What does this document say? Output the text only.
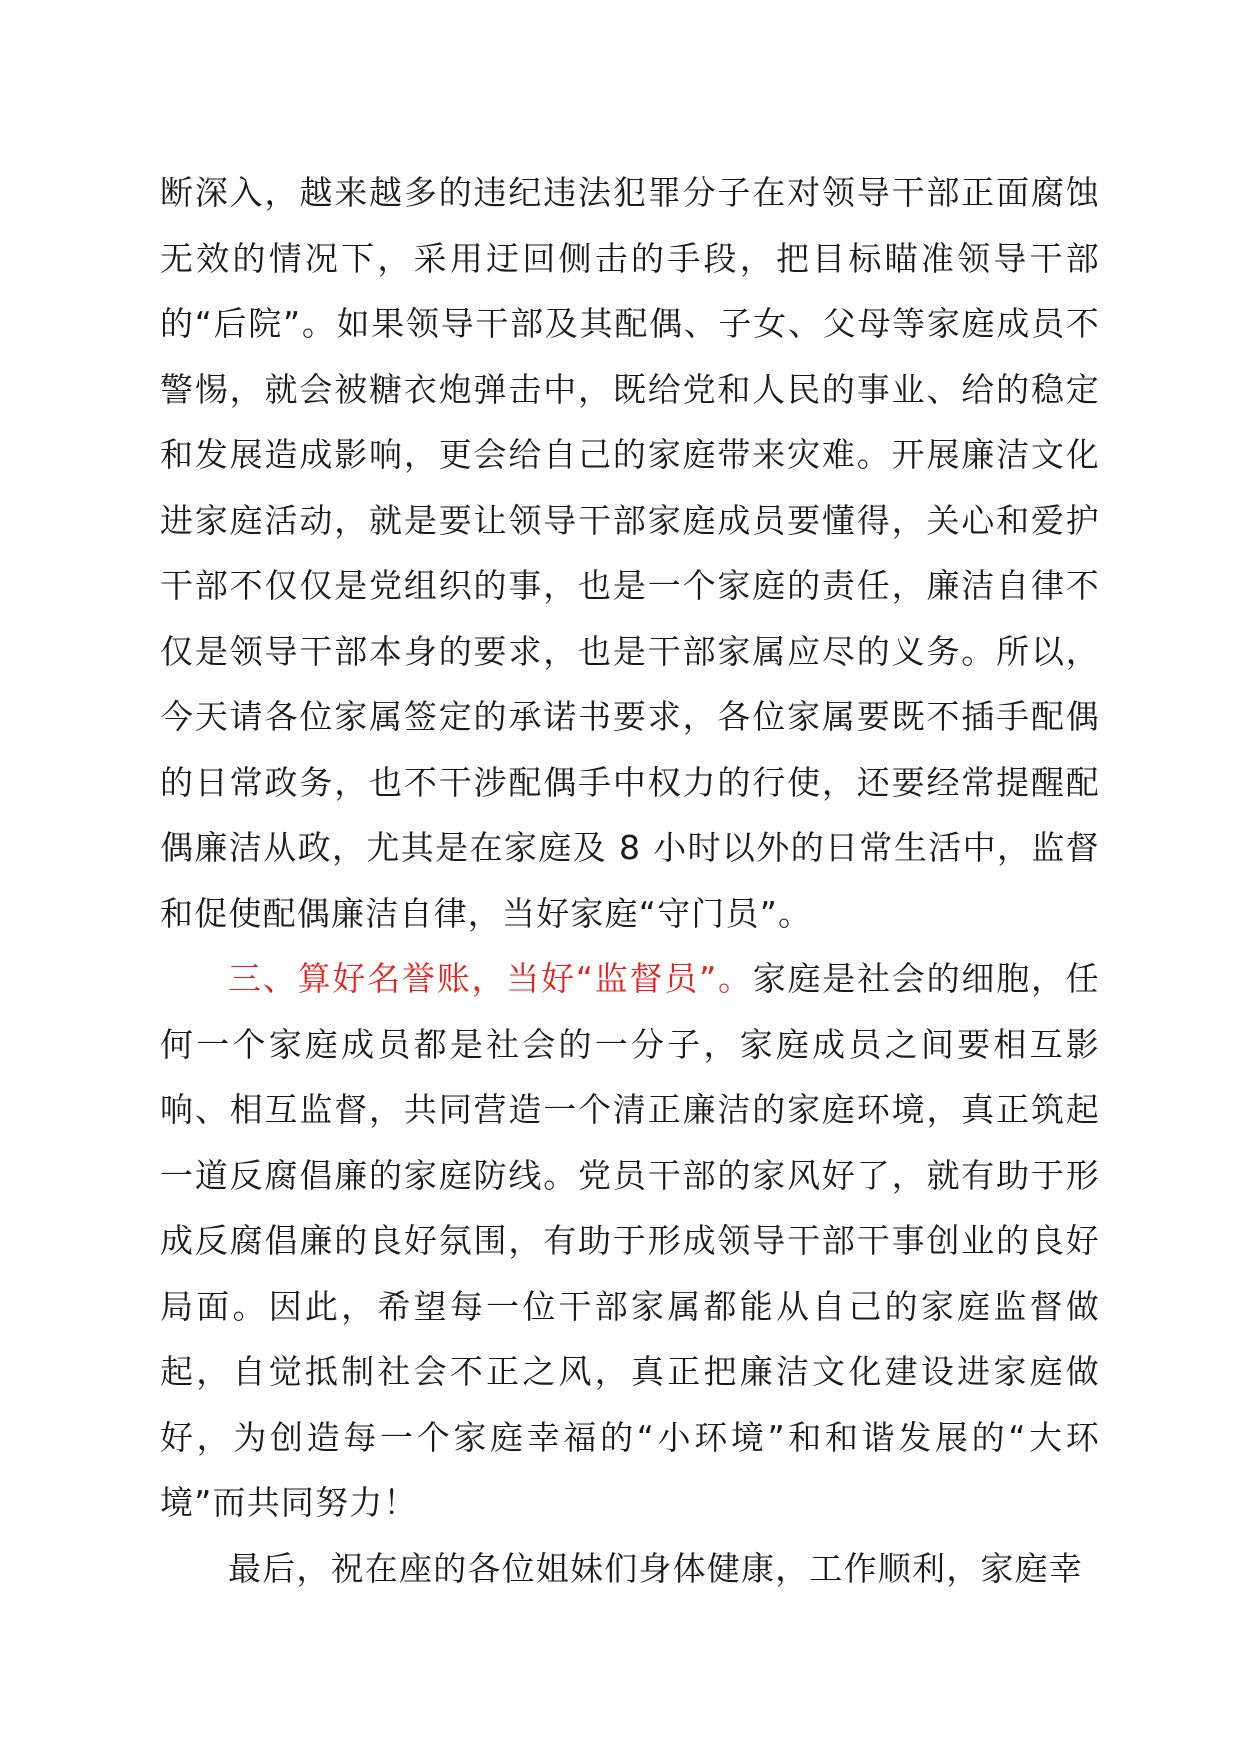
断深入，越来越多的违纪违法犯罪分子在对领导干部正面腐蚀无效的情况下，采用迂回侧击的手段，把目标瞄准领导干部的“后院”。如果领导干部及其配偶、子女、父母等家庭成员不警惕，就会被糖衣炮弹击中，既给党和人民的事业、给的稳定和发展造成影响，更会给自己的家庭带来灾难。开展廉洁文化进家庭活动，就是要让领导干部家庭成员要懂得，关心和爱护干部不仅仅是党组织的事，也是一个家庭的责任，廉洁自律不仅是领导干部本身的要求，也是干部家属应尽的义务。所以，今天请各位家属签定的承诺书要求，各位家属要既不插手配偶的日常政务，也不干涉配偶手中权力的行使，还要经常提醒配偶廉洁从政，尤其是在家庭及 8 小时以外的日常生活中，监督和促使配偶廉洁自律，当好家庭“守门员”。

三、算好名誉账，当好“监督员”。家庭是社会的细胞，任何一个家庭成员都是社会的一分子，家庭成员之间要相互影响、相互监督，共同营造一个清正廉洁的家庭环境，真正筑起一道反腐倡廉的家庭防线。党员干部的家风好了，就有助于形成反腐倡廉的良好氛围，有助于形成领导干部干事创业的良好局面。因此，希望每一位干部家属都能从自己的家庭监督做起，自觉抵制社会不正之风，真正把廉洁文化建设进家庭做好，为创造每一个家庭幸福的“小环境”和和谐发展的“大环境”而共同努力！

最后，祝在座的各位姐妹们身体健康，工作顺利，家庭幸
